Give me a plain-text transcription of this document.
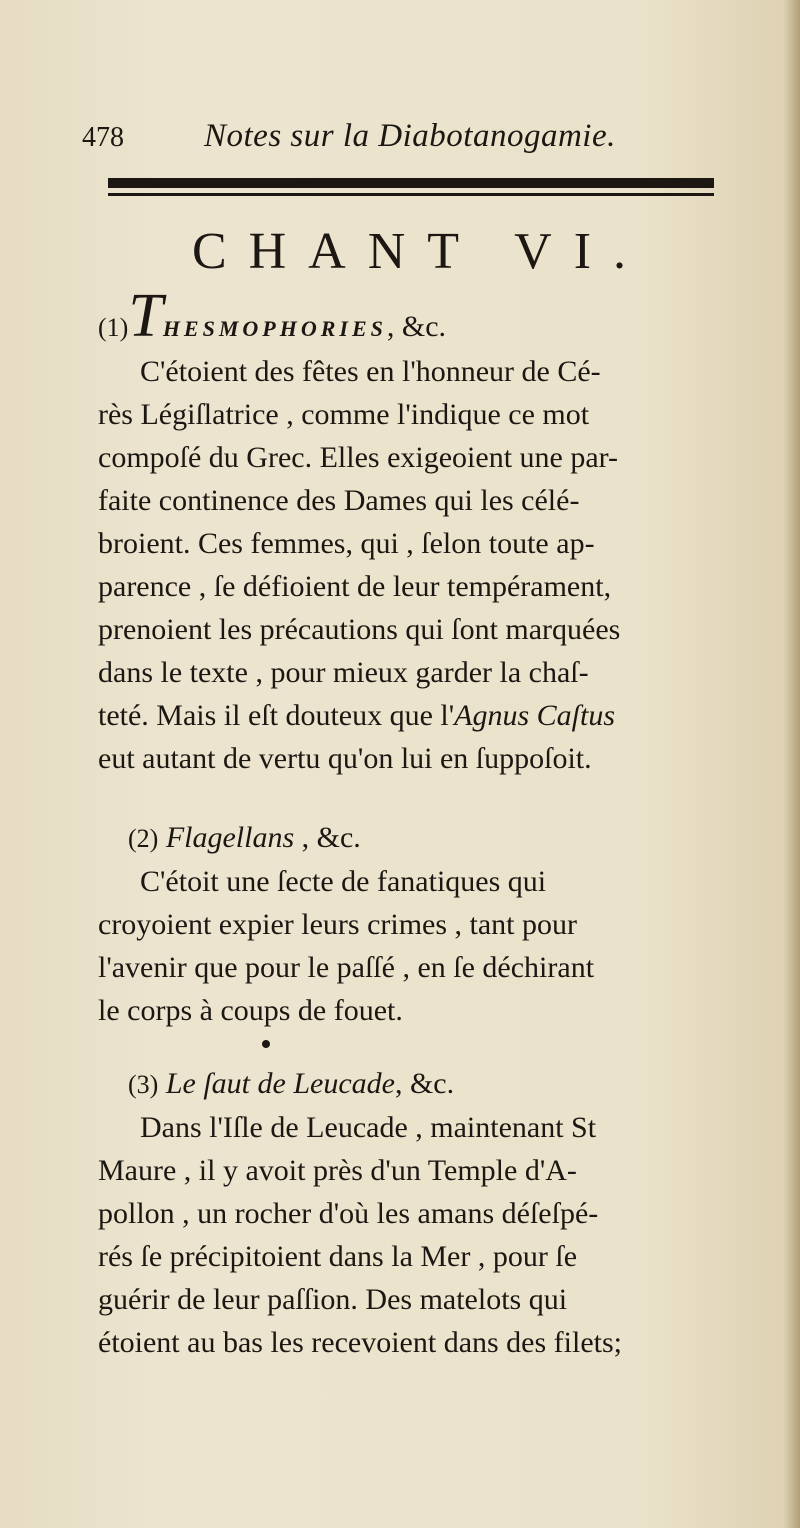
478 Notes sur la Diabotanogamie.
CHANT VI.
(1)THESMOPHORIES, &c.

C'étoient des fêtes en l'honneur de Cé-

rès Légiſlatrice , comme l'indique ce mot

compoſé du Grec. Elles exigeoient une par-

faite continence des Dames qui les célé-

broient. Ces femmes, qui , ſelon toute ap-

parence , ſe défioient de leur tempérament,

prenoient les précautions qui ſont marquées

dans le texte , pour mieux garder la chaſ-

teté. Mais il eſt douteux que l'Agnus Caſtus

eut autant de vertu qu'on lui en ſuppoſoit.

(2) Flagellans , &c.

C'étoit une ſecte de fanatiques qui

croyoient expier leurs crimes , tant pour

l'avenir que pour le paſſé , en ſe déchirant

le corps à coups de fouet.

(3) Le ſaut de Leucade, &c.

Dans l'Iſle de Leucade , maintenant St

Maure , il y avoit près d'un Temple d'A-

pollon , un rocher d'où les amans déſeſpé-

rés ſe précipitoient dans la Mer , pour ſe

guérir de leur paſſion. Des matelots qui

étoient au bas les recevoient dans des filets;
